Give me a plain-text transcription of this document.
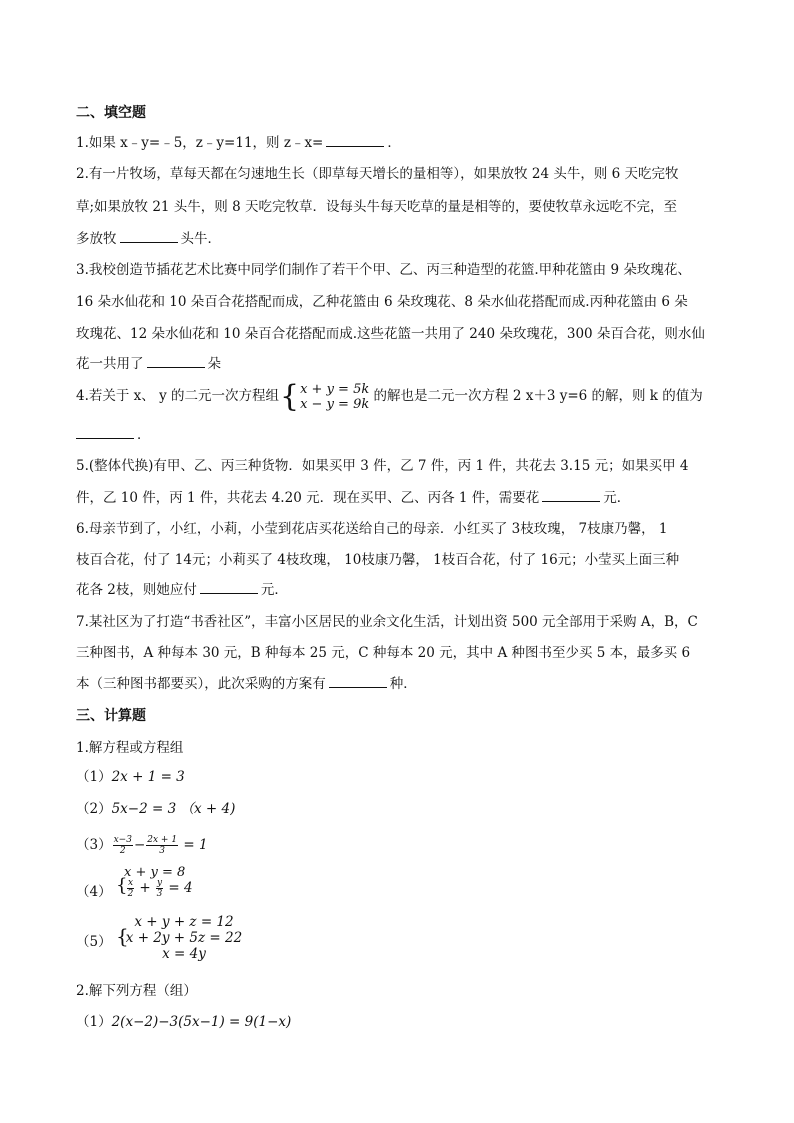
二、填空题
1.如果 x﹣y=﹣5，z﹣y=11，则 z﹣x=	．
2.有一片牧场，草每天都在匀速地生长（即草每天增长的量相等），如果放牧 24 头牛，则 6 天吃完牧
草;如果放牧 21 头牛，则 8 天吃完牧草．设每头牛每天吃草的量是相等的，要使牧草永远吃不完，至
多放牧	头牛．
3.我校创造节插花艺术比赛中同学们制作了若干个甲、乙、丙三种造型的花篮.甲种花篮由 9 朵玫瑰花、
16 朵水仙花和 10 朵百合花搭配而成，乙种花篮由 6 朵玫瑰花、8 朵水仙花搭配而成.丙种花篮由 6 朵
玫瑰花、12 朵水仙花和 10 朵百合花搭配而成.这些花篮一共用了 240 朵玫瑰花，300 朵百合花，则水仙
花一共用了	朵
4.若关于 x、 y 的二元一次方程组{ x + y = 5k
x − y = 9k 的解也是二元一次方程 2 x＋3 y=6 的解，则 k 的值为
．
5.(整体代换)有甲、乙、丙三种货物．如果买甲 3 件，乙 7 件，丙 1 件，共花去 3.15 元；如果买甲 4
件，乙 10 件，丙 1 件，共花去 4.20 元．现在买甲、乙、丙各 1 件，需要花	元．
6.母亲节到了，小红，小莉，小莹到花店买花送给自己的母亲．小红买了 3枝玫瑰， 7枝康乃馨， 1
枝百合花，付了 14元；小莉买了 4枝玫瑰， 10枝康乃馨， 1枝百合花，付了 16元；小莹买上面三种
花各 2枝，则她应付	元．
7.某社区为了打造“书香社区”，丰富小区居民的业余文化生活，计划出资 500 元全部用于采购 A，B，C
三种图书，A 种每本 30 元，B 种每本 25 元，C 种每本 20 元，其中 A 种图书至少买 5 本，最多买 6
本（三种图书都要买），此次采购的方案有	种．
三、计算题
1.解方程或方程组
（1）2x + 1 = 3
（2）5x−2 = 3 （x + 4)
$(3) \frac{x-3}{2} - \frac{2x + 1}{3} = 1$
x + y = 8
（4） { $\frac{x}{2} + \frac{y}{3} = 4$
（5） {
x + y + z = 12
x + 2y + 5z = 22
x = 4y
2.解下列方程（组）
（1）2(x−2)−3(5x−1) = 9(1−x)
